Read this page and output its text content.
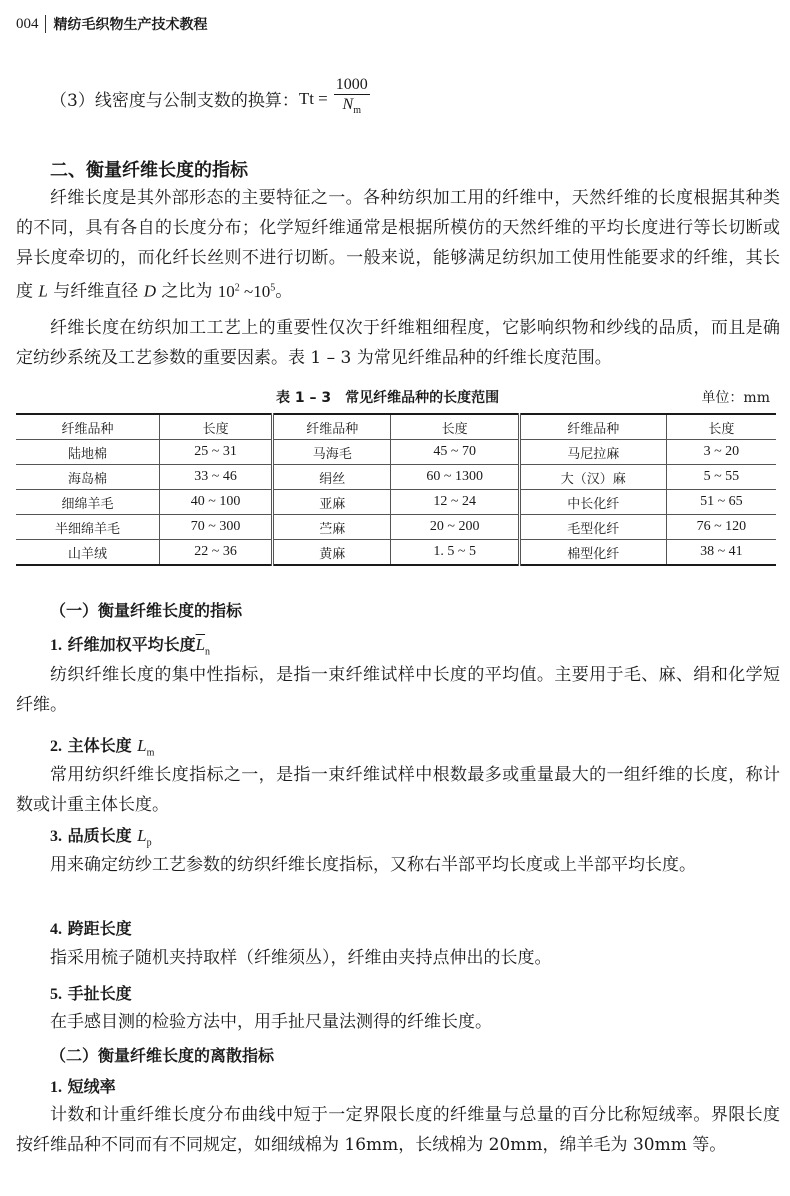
004 精纺毛织物生产技术教程
（3）线密度与公制支数的换算： $Tt = \frac{1000}{N_m}$
二、衡量纤维长度的指标
纤维长度是其外部形态的主要特征之一。各种纺织加工用的纤维中，天然纤维的长度根据其种类的不同，具有各自的长度分布；化学短纤维通常是根据所模仿的天然纤维的平均长度进行等长切断或异长度牵切的，而化纤长丝则不进行切断。一般来说，能够满足纺织加工使用性能要求的纤维，其长度 L 与纤维直径 D 之比为 $10^2$ $\sim 10^5$。
纤维长度在纺织加工工艺上的重要性仅次于纤维粗细程度，它影响织物和纱线的品质，而且是确定纺纱系统及工艺参数的重要因素。表 1 – 3 为常见纤维品种的纤维长度范围。
表 1 – 3　常见纤维品种的长度范围	单位：mm
纤维品种	长度	纤维品种	长度	纤维品种	长度
陆地棉	25 ~ 31	马海毛	45 ~ 70	马尼拉麻	3 ~ 20
海岛棉	33 ~ 46	绢丝	60 ~ 1300	大（汉）麻	5 ~ 55
细绵羊毛	40 ~ 100	亚麻	12 ~ 24	中长化纤	51 ~ 65
半细绵羊毛	70 ~ 300	苎麻	20 ~ 200	毛型化纤	76 ~ 120
山羊绒	22 ~ 36	黄麻	1. 5 ~ 5	棉型化纤	38 ~ 41
（一）衡量纤维长度的指标
1. 纤维加权平均长度$\overline{L}_n$
纺织纤维长度的集中性指标，是指一束纤维试样中长度的平均值。主要用于毛、麻、绢和化学短纤维。
2. 主体长度 $L_m$
常用纺织纤维长度指标之一，是指一束纤维试样中根数最多或重量最大的一组纤维的长度，称计数或计重主体长度。
3. 品质长度 $L_p$
用来确定纺纱工艺参数的纺织纤维长度指标，又称右半部平均长度或上半部平均长度。
4. 跨距长度
指采用梳子随机夹持取样（纤维须丛），纤维由夹持点伸出的长度。
5. 手扯长度
在手感目测的检验方法中，用手扯尺量法测得的纤维长度。
（二）衡量纤维长度的离散指标
1. 短绒率
计数和计重纤维长度分布曲线中短于一定界限长度的纤维量与总量的百分比称短绒率。界限长度按纤维品种不同而有不同规定，如细绒棉为 16mm，长绒棉为 20mm，绵羊毛为 30mm 等。
